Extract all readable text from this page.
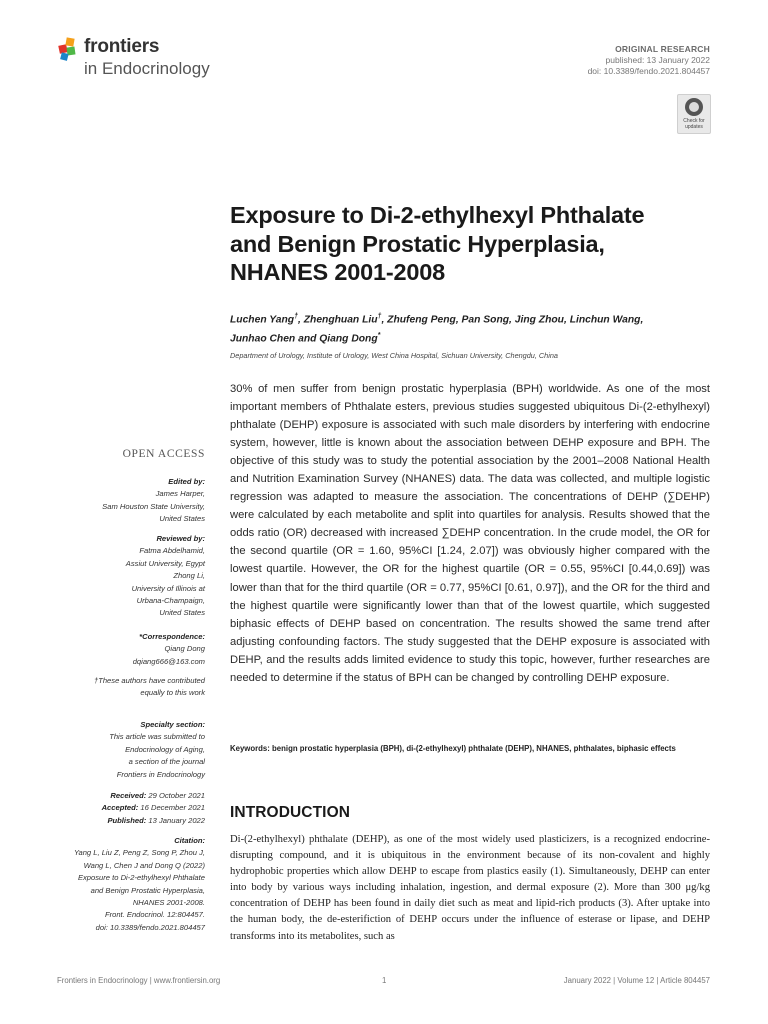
frontiers
in Endocrinology
ORIGINAL RESEARCH
published: 13 January 2022
doi: 10.3389/fendo.2021.804457
Check for updates
Exposure to Di-2-ethylhexyl Phthalate and Benign Prostatic Hyperplasia, NHANES 2001-2008
Luchen Yang†, Zhenghuan Liu†, Zhufeng Peng, Pan Song, Jing Zhou, Linchun Wang,
Junhao Chen and Qiang Dong*
Department of Urology, Institute of Urology, West China Hospital, Sichuan University, Chengdu, China
OPEN ACCESS
Edited by:
James Harper,
Sam Houston State University,
United States
Reviewed by:
Fatma Abdelhamid,
Assiut University, Egypt
Zhong Li,
University of Illinois at
Urbana-Champaign,
United States
*Correspondence:
Qiang Dong
dqiang666@163.com
†These authors have contributed
equally to this work
Specialty section:
This article was submitted to
Endocrinology of Aging,
a section of the journal
Frontiers in Endocrinology
Received: 29 October 2021
Accepted: 16 December 2021
Published: 13 January 2022
Citation:
Yang L, Liu Z, Peng Z, Song P, Zhou J,
Wang L, Chen J and Dong Q (2022)
Exposure to Di-2-ethylhexyl Phthalate
and Benign Prostatic Hyperplasia,
NHANES 2001-2008.
Front. Endocrinol. 12:804457.
doi: 10.3389/fendo.2021.804457
30% of men suffer from benign prostatic hyperplasia (BPH) worldwide. As one of the most important members of Phthalate esters, previous studies suggested ubiquitous Di-(2-ethylhexyl) phthalate (DEHP) exposure is associated with such male disorders by interfering with endocrine system, however, little is known about the association between DEHP exposure and BPH. The objective of this study was to study the potential association by the 2001–2008 National Health and Nutrition Examination Survey (NHANES) data. The data was collected, and multiple logistic regression was adapted to measure the association. The concentrations of DEHP (∑DEHP) were calculated by each metabolite and split into quartiles for analysis. Results showed that the odds ratio (OR) decreased with increased ∑DEHP concentration. In the crude model, the OR for the second quartile (OR = 1.60, 95%CI [1.24, 2.07]) was obviously higher compared with the lowest quartile. However, the OR for the highest quartile (OR = 0.55, 95%CI [0.44,0.69]) was lower than that for the third quartile (OR = 0.77, 95%CI [0.61, 0.97]), and the OR for the third and the highest quartile were significantly lower than that of the lowest quartile, which suggested biphasic effects of DEHP based on concentration. The results showed the same trend after adjusting confounding factors. The study suggested that the DEHP exposure is associated with DEHP, and the results adds limited evidence to study this topic, however, further researches are needed to determine if the status of BPH can be changed by controlling DEHP exposure.
Keywords: benign prostatic hyperplasia (BPH), di-(2-ethylhexyl) phthalate (DEHP), NHANES, phthalates, biphasic effects
INTRODUCTION
Di-(2-ethylhexyl) phthalate (DEHP), as one of the most widely used plasticizers, is a recognized endocrine-disrupting compound, and it is ubiquitous in the environment because of its non-covalent and highly hydrophobic properties which allow DEHP to escape from plastics easily (1). Simultaneously, DEHP can enter into body by various ways including inhalation, ingestion, and dermal exposure (2). More than 300 μg/kg concentration of DEHP has been found in daily diet such as meat and lipid-rich products (3). After uptake into the human body, the de-esterifiction of DEHP occurs under the influence of esterase or lipase, and DEHP transforms into its metabolites, such as
Frontiers in Endocrinology | www.frontiersin.org	1	January 2022 | Volume 12 | Article 804457
